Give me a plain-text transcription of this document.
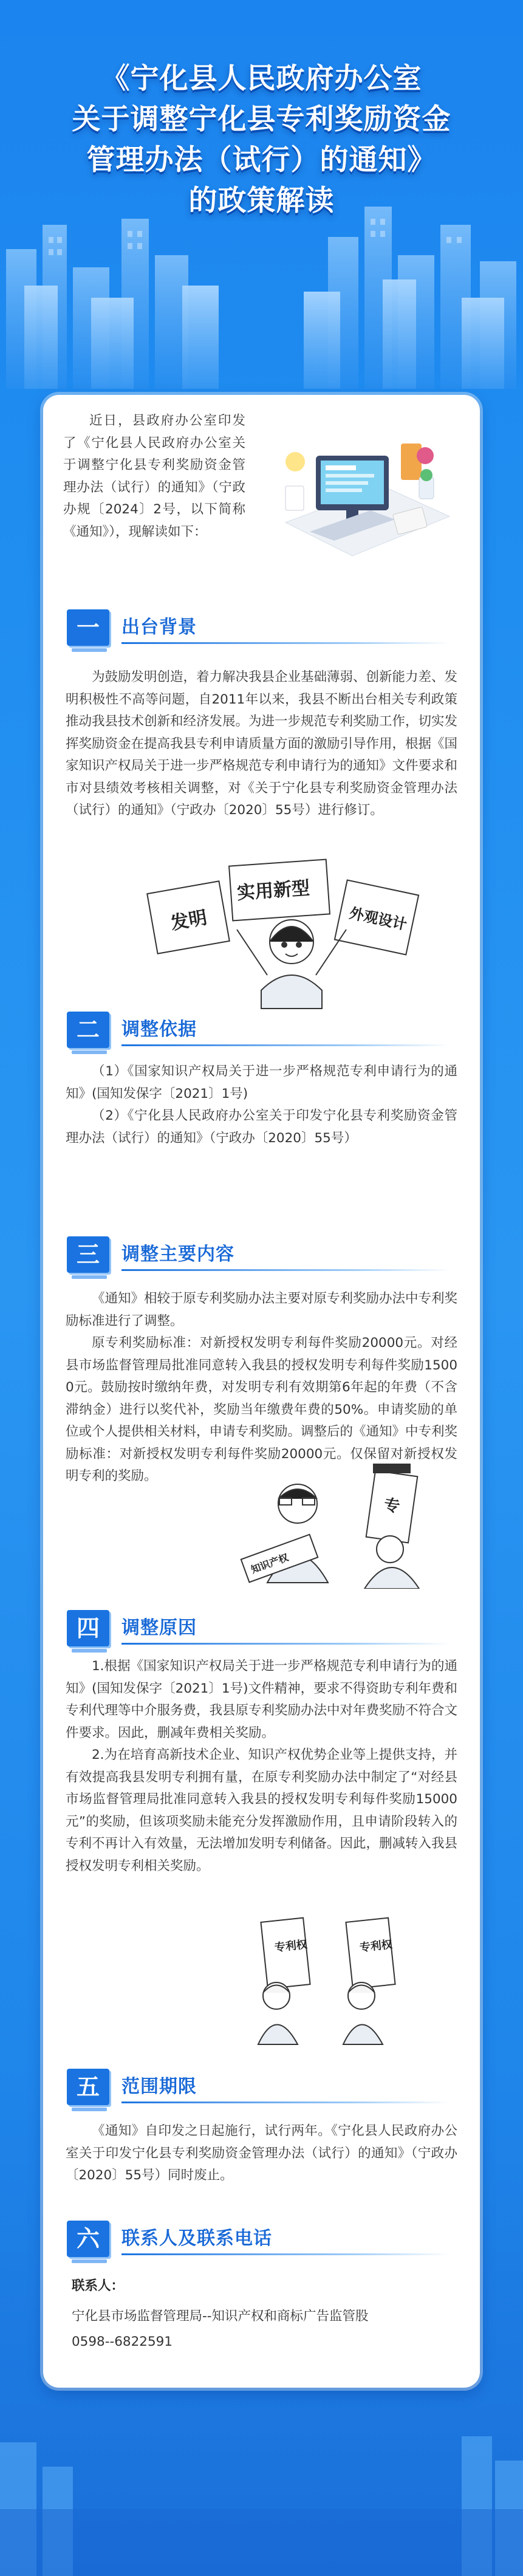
《宁化县人民政府办公室
关于调整宁化县专利奖励资金
管理办法（试行）的通知》
的政策解读
近日，县政府办公室印发了《宁化县人民政府办公室关于调整宁化县专利奖励资金管理办法（试行）的通知》（宁政办规〔2024〕2号，以下简称《通知》），现解读如下：
一	出台背景

为鼓励发明创造，着力解决我县企业基础薄弱、创新能力差、发明积极性不高等问题，自2011年以来，我县不断出台相关专利政策推动我县技术创新和经济发展。为进一步规范专利奖励工作，切实发挥奖励资金在提高我县专利申请质量方面的激励引导作用，根据《国家知识产权局关于进一步严格规范专利申请行为的通知》文件要求和市对县绩效考核相关调整，对《关于宁化县专利奖励资金管理办法（试行）的通知》（宁政办〔2020〕55号）进行修订。

发明
实用新型
外观设计
二	调整依据

（1）《国家知识产权局关于进一步严格规范专利申请行为的通知》(国知发保字〔2021〕1号)

（2）《宁化县人民政府办公室关于印发宁化县专利奖励资金管理办法（试行）的通知》（宁政办〔2020〕55号）

三	调整主要内容

《通知》相较于原专利奖励办法主要对原专利奖励办法中专利奖励标准进行了调整。

原专利奖励标准：对新授权发明专利每件奖励20000元。对经县市场监督管理局批准同意转入我县的授权发明专利每件奖励15000元。鼓励按时缴纳年费，对发明专利有效期第6年起的年费（不含滞纳金）进行以奖代补，奖励当年缴费年费的50%。申请奖励的单位或个人提供相关材料，申请专利奖励。调整后的《通知》中专利奖励标准：对新授权发明专利每件奖励20000元。仅保留对新授权发明专利的奖励。

知识产权
专
四	调整原因

1.根据《国家知识产权局关于进一步严格规范专利申请行为的通知》(国知发保字〔2021〕1号)文件精神，要求不得资助专利年费和专利代理等中介服务费，我县原专利奖励办法中对年费奖励不符合文件要求。因此，删减年费相关奖励。

2.为在培育高新技术企业、知识产权优势企业等上提供支持，并有效提高我县发明专利拥有量，在原专利奖励办法中制定了“对经县市场监督管理局批准同意转入我县的授权发明专利每件奖励15000元”的奖励，但该项奖励未能充分发挥激励作用，且申请阶段转入的专利不再计入有效量，无法增加发明专利储备。因此，删减转入我县授权发明专利相关奖励。

专利权	专利权
五	范围期限

《通知》自印发之日起施行，试行两年。《宁化县人民政府办公室关于印发宁化县专利奖励资金管理办法（试行）的通知》（宁政办〔2020〕55号）同时废止。

六	联系人及联系电话
联系人：
宁化县市场监督管理局--知识产权和商标广告监管股
0598--6822591
